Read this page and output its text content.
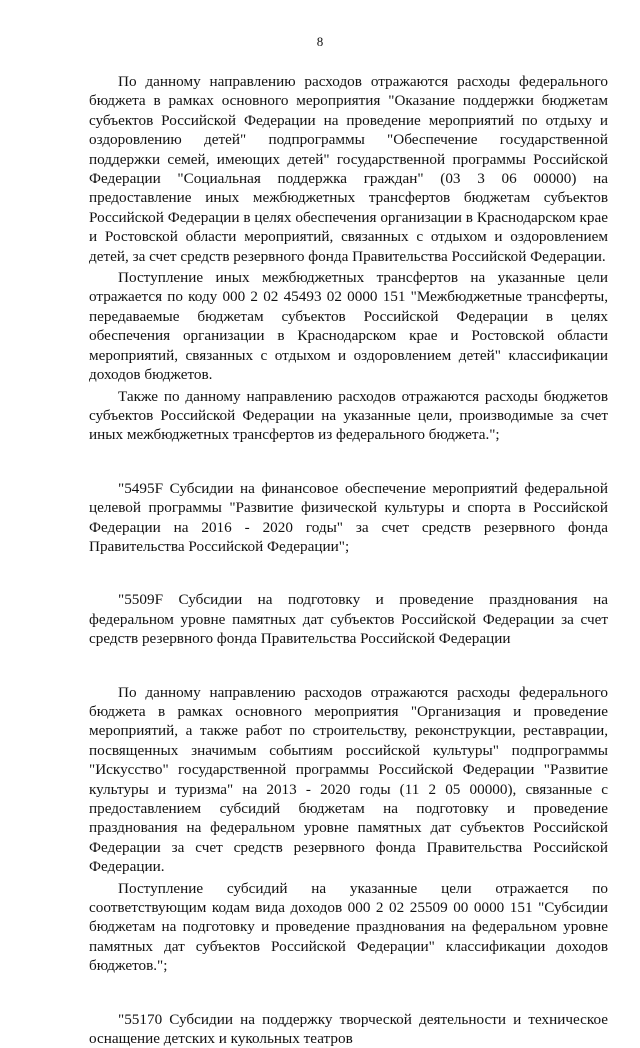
8

По данному направлению расходов отражаются расходы федерального бюджета в рамках основного мероприятия "Оказание поддержки бюджетам субъектов Российской Федерации на проведение мероприятий по отдыху и оздоровлению детей" подпрограммы "Обеспечение государственной поддержки семей, имеющих детей" государственной программы Российской Федерации "Социальная поддержка граждан" (03 3 06 00000) на предоставление иных межбюджетных трансфертов бюджетам субъектов Российской Федерации в целях обеспечения организации в Краснодарском крае и Ростовской области мероприятий, связанных с отдыхом и оздоровлением детей, за счет средств резервного фонда Правительства Российской Федерации.

Поступление иных межбюджетных трансфертов на указанные цели отражается по коду 000 2 02 45493 02 0000 151 "Межбюджетные трансферты, передаваемые бюджетам субъектов Российской Федерации в целях обеспечения организации в Краснодарском крае и Ростовской области мероприятий, связанных с отдыхом и оздоровлением детей" классификации доходов бюджетов.

Также по данному направлению расходов отражаются расходы бюджетов субъектов Российской Федерации на указанные цели, производимые за счет иных межбюджетных трансфертов из федерального бюджета.";

"5495F Субсидии на финансовое обеспечение мероприятий федеральной целевой программы "Развитие физической культуры и спорта в Российской Федерации на 2016 - 2020 годы" за счет средств резервного фонда Правительства Российской Федерации";

"5509F Субсидии на подготовку и проведение празднования на федеральном уровне памятных дат субъектов Российской Федерации за счет средств резервного фонда Правительства Российской Федерации

По данному направлению расходов отражаются расходы федерального бюджета в рамках основного мероприятия "Организация и проведение мероприятий, а также работ по строительству, реконструкции, реставрации, посвященных значимым событиям российской культуры" подпрограммы "Искусство" государственной программы Российской Федерации "Развитие культуры и туризма" на 2013 - 2020 годы (11 2 05 00000), связанные с предоставлением субсидий бюджетам на подготовку и проведение празднования на федеральном уровне памятных дат субъектов Российской Федерации за счет средств резервного фонда Правительства Российской Федерации.

Поступление субсидий на указанные цели отражается по соответствующим кодам вида доходов 000 2 02 25509 00 0000 151 "Субсидии бюджетам на подготовку и проведение празднования на федеральном уровне памятных дат субъектов Российской Федерации" классификации доходов бюджетов.";

"55170 Субсидии на поддержку творческой деятельности и техническое оснащение детских и кукольных театров
